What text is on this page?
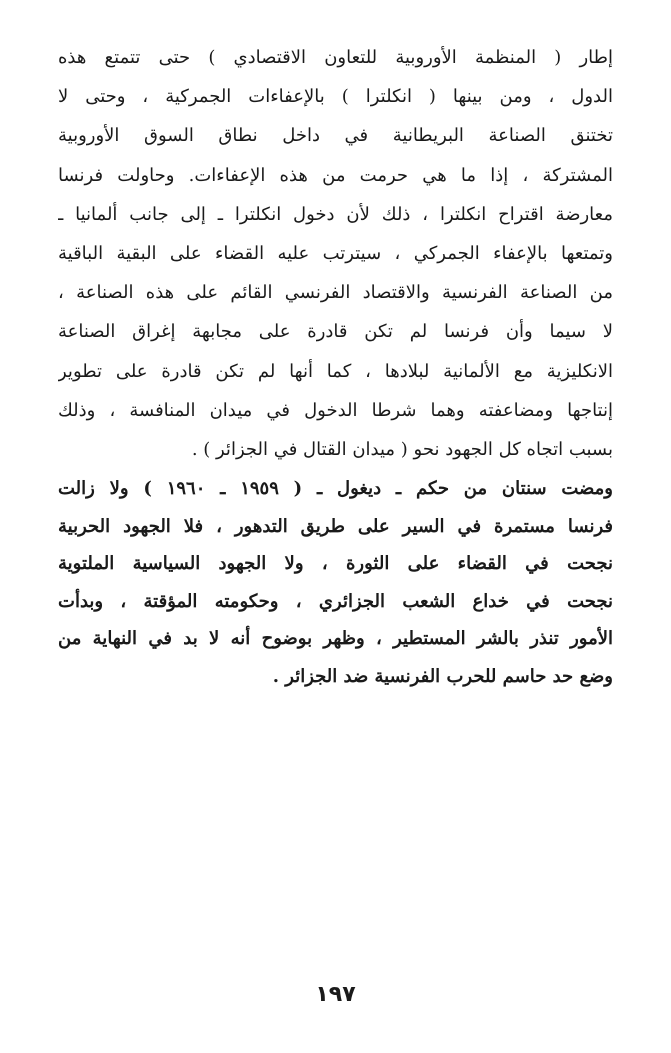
إطار ( المنظمة الأوروبية للتعاون الاقتصادي ) حتى تتمتع هذه
الدول ، ومن بينها ( انكلترا ) بالإعفاءات الجمركية ، وحتى لا
تختنق الصناعة البريطانية في داخل نطاق السوق الأوروبية
المشتركة ، إذا ما هي حرمت من هذه الإعفاءات. وحاولت فرنسا
معارضة اقتراح انكلترا ، ذلك لأن دخول انكلترا ـ إلى جانب ألمانيا ـ
وتمتعها بالإعفاء الجمركي ، سيترتب عليه القضاء على البقية الباقية
من الصناعة الفرنسية والاقتصاد الفرنسي القائم على هذه الصناعة ،
لا سيما وأن فرنسا لم تكن قادرة على مجابهة إغراق الصناعة
الانكليزية مع الألمانية لبلادها ، كما أنها لم تكن قادرة على تطوير
إنتاجها ومضاعفته وهما شرطا الدخول في ميدان المنافسة ، وذلك
بسبب اتجاه كل الجهود نحو ( ميدان القتال في الجزائر ) .
ومضت سنتان من حكم ـ ديغول ـ ( ١٩٥٩ ـ ١٩٦٠ ) ولا زالت
فرنسا مستمرة في السير على طريق التدهور ، فلا الجهود الحربية
نجحت في القضاء على الثورة ، ولا الجهود السياسية الملتوية
نجحت في خداع الشعب الجزائري ، وحكومته المؤقتة ، وبدأت
الأمور تنذر بالشر المستطير ، وظهر بوضوح أنه لا بد في النهاية من
وضع حد حاسم للحرب الفرنسية ضد الجزائر .
١٩٧
